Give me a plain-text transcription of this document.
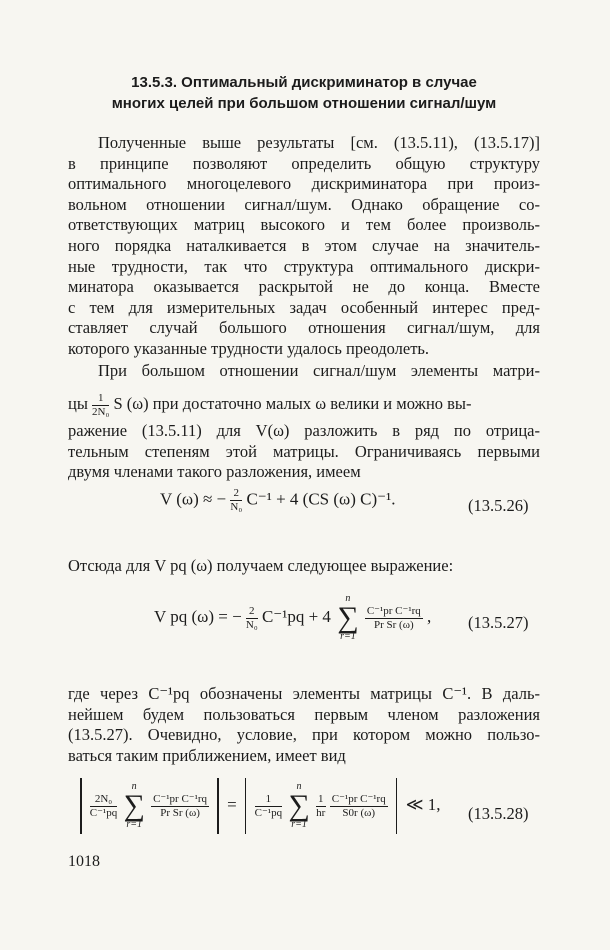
13.5.3. Оптимальный дискриминатор в случае
многих целей при большом отношении сигнал/шум
Полученные выше результаты [см. (13.5.11), (13.5.17)]
в принципе позволяют определить общую структуру
оптимального многоцелевого дискриминатора при произ-
вольном отношении сигнал/шум. Однако обращение со-
ответствующих матриц высокого и тем более произволь-
ного порядка наталкивается в этом случае на значитель-
ные трудности, так что структура оптимального дискри-
минатора оказывается раскрытой не до конца. Вместе
с тем для измерительных задач особенный интерес пред-
ставляет случай большого отношения сигнал/шум, для
которого указанные трудности удалось преодолеть.
При большом отношении сигнал/шум элементы матри-
цы $\frac{1}{\text{2N₀}}$ S (ω) при достаточно малых ω велики и можно вы-
ражение (13.5.11) для V(ω) разложить в ряд по отрица-
тельным степеням этой матрицы. Ограничиваясь первыми
двумя членами такого разложения, имеем
V (ω) ≈ − $\frac{2}{\text{N₀}} C^{-1} + 4$ (CS (ω) C)⁻¹.	(13.5.26)
Отсюда для V pq (ω) получаем следующее выражение:
V pq (ω) = − $\frac{2}{\text{N₀}} C^{-1}pq + 4$
n
∑
r=1

$\frac{\text{C⁻¹pr C⁻¹rq}}{\text{Pr Sr (ω)}}$ , (13.5.27)
где через C⁻¹pq обозначены элементы матрицы C⁻¹. В даль-
нейшем будем пользоваться первым членом разложения
(13.5.27). Очевидно, условие, при котором можно пользо-
ваться таким приближением, имеет вид

$\frac{\text{2N₀}}{\text{C⁻¹pq}}$

n
∑
r=1

$\frac{\text{C⁻¹pr C⁻¹rq}}{\text{Pr Sr (ω)}} = \frac{1}{\text{C⁻¹pq}}$

n
∑
r=1

$\frac{1}{hr}$
$\frac{\text{C⁻¹pr C⁻¹rq}}{S0r (\omega)}$ ≪ 1, (13.5.28)
1018
